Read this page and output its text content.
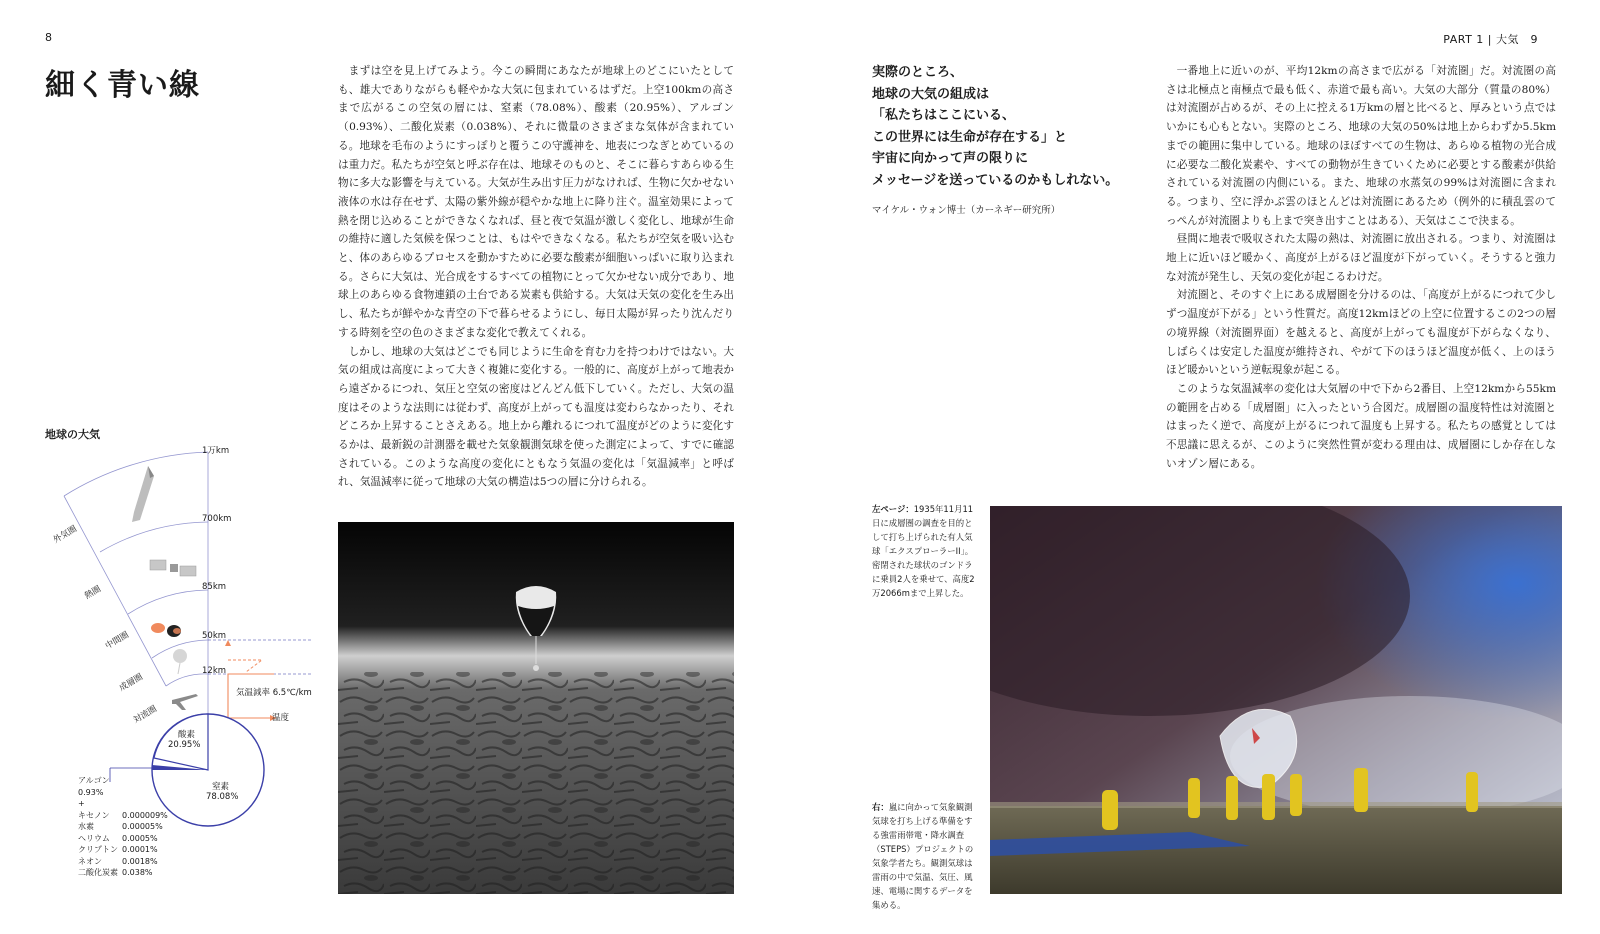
8	PART 1 | 大気　9
細く青い線	まずは空を見上げてみよう。今この瞬間にあなたが地球上のどこにいたとしても、雄大でありながらも軽やかな大気に包まれているはずだ。上空100kmの高さまで広がるこの空気の層には、窒素（78.08%）、酸素（20.95%）、アルゴン（0.93%）、二酸化炭素（0.038%）、それに微量のさまざまな気体が含まれている。地球を毛布のようにすっぽりと覆うこの守護神を、地表につなぎとめているのは重力だ。私たちが空気と呼ぶ存在は、地球そのものと、そこに暮らすあらゆる生物に多大な影響を与えている。大気が生み出す圧力がなければ、生物に欠かせない液体の水は存在せず、太陽の紫外線が穏やかな地上に降り注ぐ。温室効果によって熱を閉じ込めることができなくなれば、昼と夜で気温が激しく変化し、地球が生命の維持に適した気候を保つことは、もはやできなくなる。私たちが空気を吸い込むと、体のあらゆるプロセスを動かすために必要な酸素が細胞いっぱいに取り込まれる。さらに大気は、光合成をするすべての植物にとって欠かせない成分であり、地球上のあらゆる食物連鎖の土台である炭素も供給する。大気は天気の変化を生み出し、私たちが鮮やかな青空の下で暮らせるようにし、毎日太陽が昇ったり沈んだりする時刻を空の色のさまざまな変化で教えてくれる。

しかし、地球の大気はどこでも同じように生命を育む力を持つわけではない。大気の組成は高度によって大きく複雑に変化する。一般的に、高度が上がって地表から遠ざかるにつれ、気圧と空気の密度はどんどん低下していく。ただし、大気の温度はそのような法則には従わず、高度が上がっても温度は変わらなかったり、それどころか上昇することさえある。地上から離れるにつれて温度がどのように変化するかは、最新鋭の計測器を載せた気象観測気球を使った測定によって、すでに確認されている。このような高度の変化にともなう気温の変化は「気温減率」と呼ばれ、気温減率に従って地球の大気の構造は5つの層に分けられる。

地球の大気
1万km
700km
85km
50km
12km
外気圏
熱圏
中間圏
成層圏
対流圏
気温減率 6.5℃/km
温度
酸素
20.95%
窒素
78.08%
アルゴン
0.93%
+
キセノン 0.000009%
水素	0.00005%
ヘリウム 0.0005%
クリプトン 0.0001%
ネオン	0.0018%
二酸化炭素 0.038%
実際のところ、
地球の大気の組成は
「私たちはここにいる、
この世界には生命が存在する」と
宇宙に向かって声の限りに
メッセージを送っているのかもしれない。
マイケル・ウォン博士（カーネギー研究所）

一番地上に近いのが、平均12kmの高さまで広がる「対流圏」だ。対流圏の高さは北極点と南極点で最も低く、赤道で最も高い。大気の大部分（質量の80%）は対流圏が占めるが、その上に控える1万kmの層と比べると、厚みという点ではいかにも心もとない。実際のところ、地球の大気の50%は地上からわずか5.5kmまでの範囲に集中している。地球のほぼすべての生物は、あらゆる植物の光合成に必要な二酸化炭素や、すべての動物が生きていくために必要とする酸素が供給されている対流圏の内側にいる。また、地球の水蒸気の99%は対流圏に含まれる。つまり、空に浮かぶ雲のほとんどは対流圏にあるため（例外的に積乱雲のてっぺんが対流圏よりも上まで突き出すことはある）、天気はここで決まる。

昼間に地表で吸収された太陽の熱は、対流圏に放出される。つまり、対流圏は地上に近いほど暖かく、高度が上がるほど温度が下がっていく。そうすると強力な対流が発生し、天気の変化が起こるわけだ。

対流圏と、そのすぐ上にある成層圏を分けるのは、「高度が上がるにつれて少しずつ温度が下がる」という性質だ。高度12kmほどの上空に位置するこの2つの層の境界線（対流圏界面）を越えると、高度が上がっても温度が下がらなくなり、しばらくは安定した温度が維持され、やがて下のほうほど温度が低く、上のほうほど暖かいという逆転現象が起こる。

このような気温減率の変化は大気層の中で下から2番目、上空12kmから55kmの範囲を占める「成層圏」に入ったという合図だ。成層圏の温度特性は対流圏とはまったく逆で、高度が上がるにつれて温度も上昇する。私たちの感覚としては不思議に思えるが、このように突然性質が変わる理由は、成層圏にしか存在しないオゾン層にある。

左ページ：1935年11月11日に成層圏の調査を目的として打ち上げられた有人気球「エクスプローラーII」。密閉された球状のゴンドラに乗員2人を乗せて、高度2万2066mまで上昇した。
右：嵐に向かって気象観測気球を打ち上げる準備をする強雷雨帯電・降水調査（STEPS）プロジェクトの気象学者たち。観測気球は雷雨の中で気温、気圧、風速、電場に関するデータを集める。
